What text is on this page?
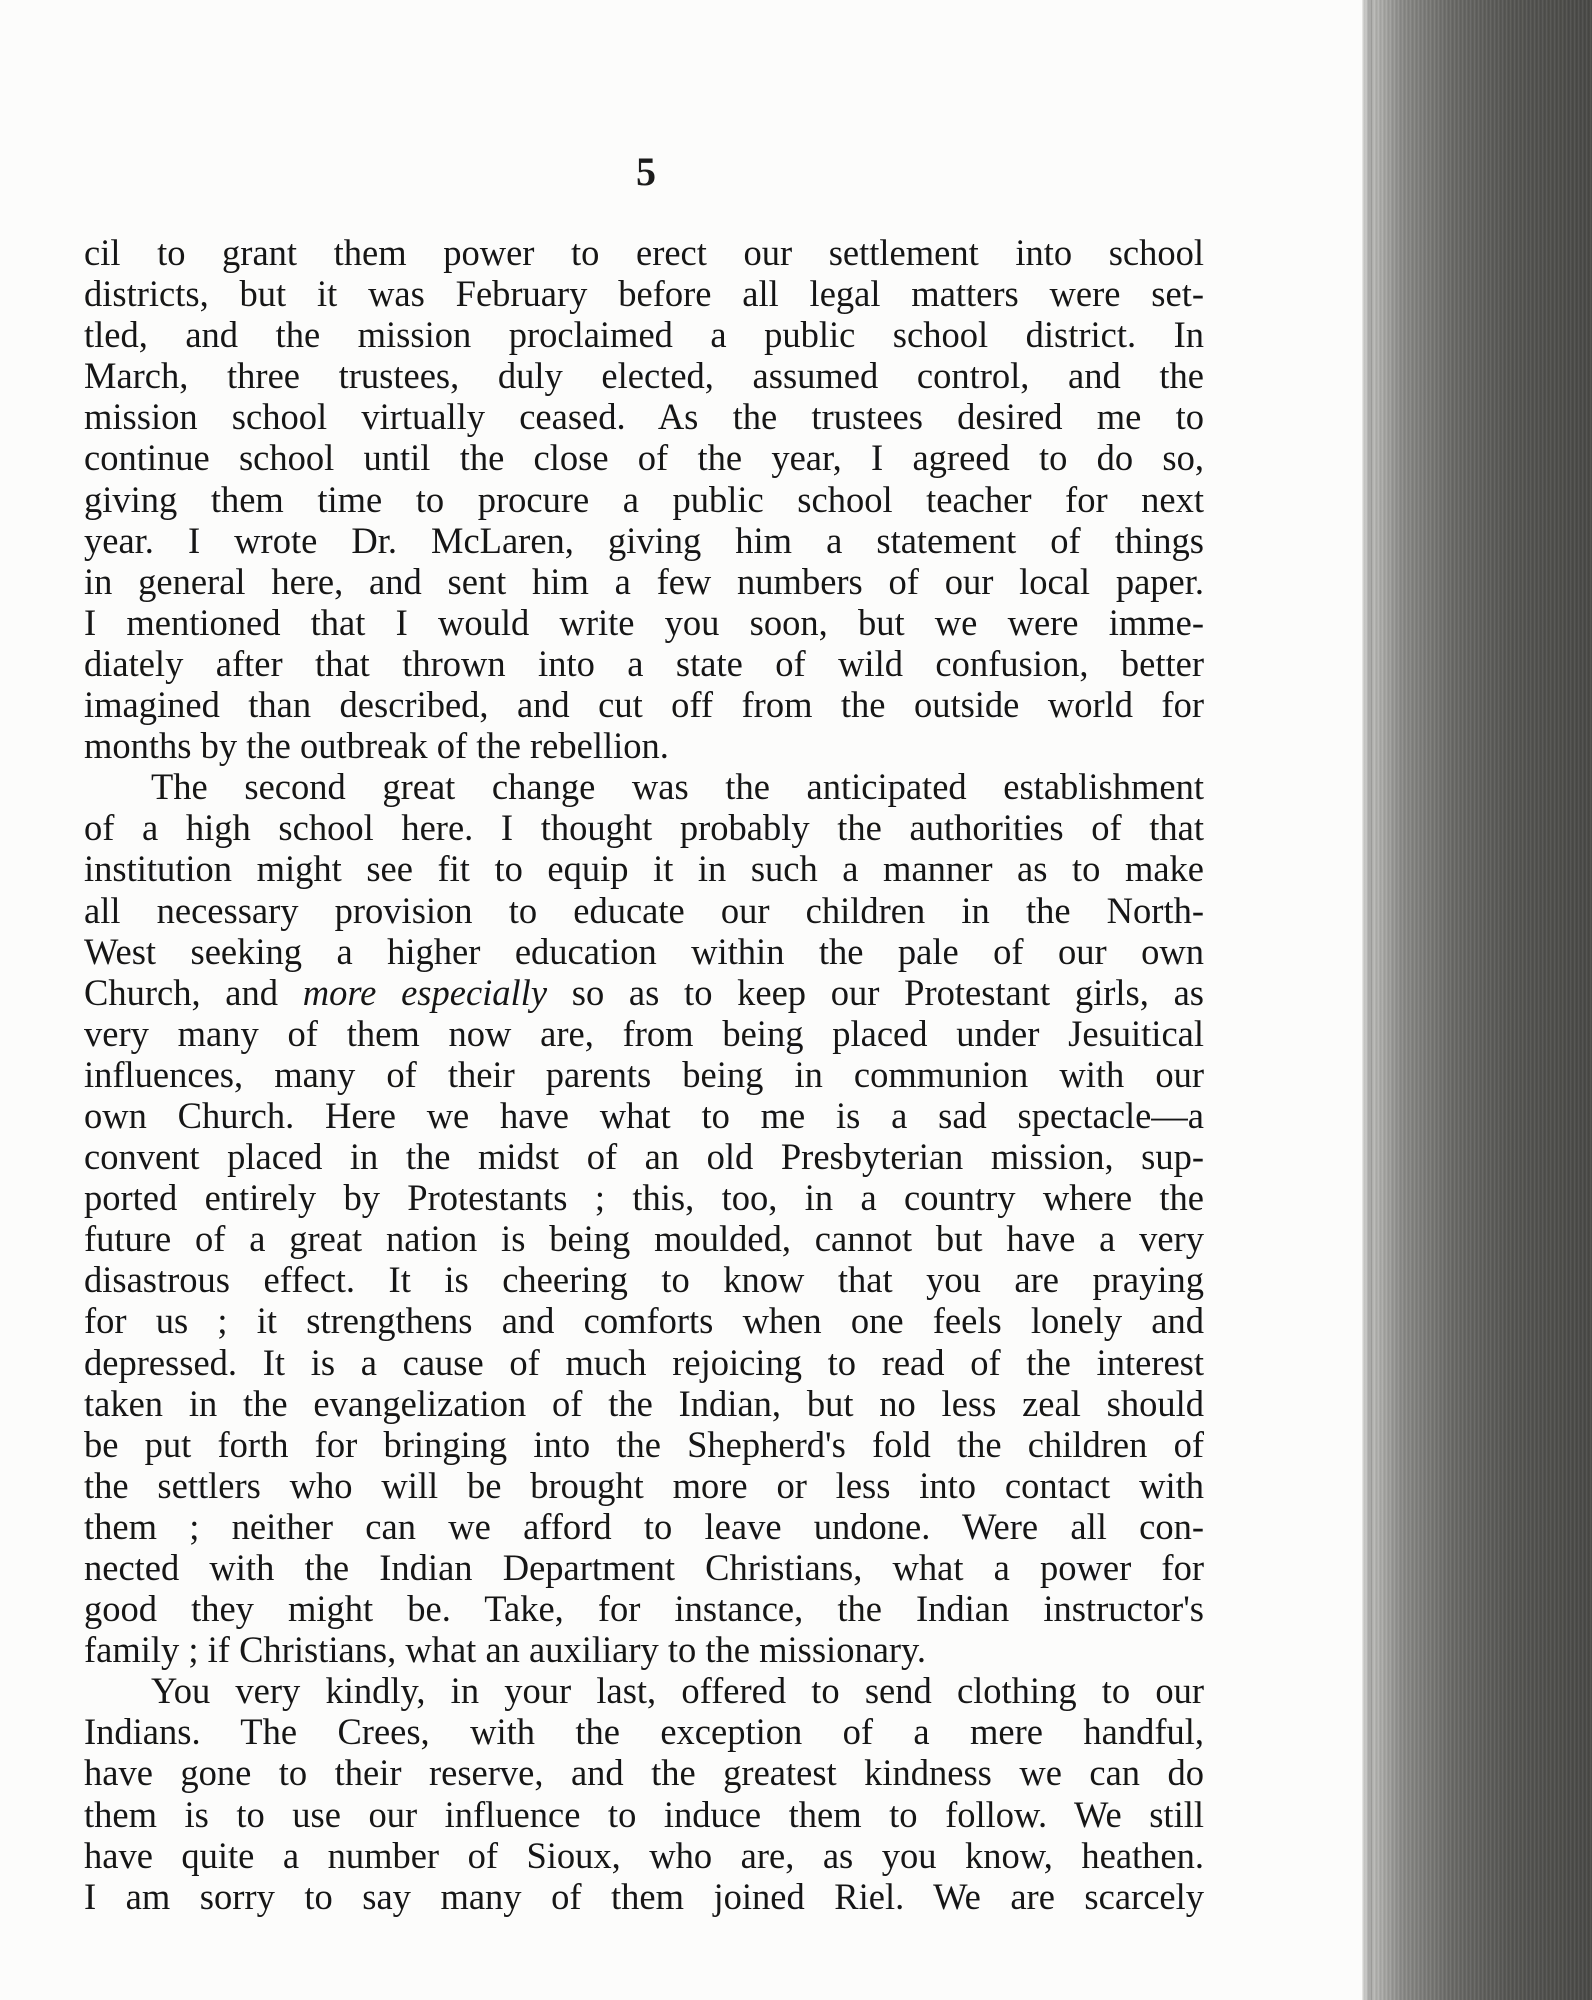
5
cil to grant them power to erect our settlement into school
districts, but it was February before all legal matters were set-
tled, and the mission proclaimed a public school district. In
March, three trustees, duly elected, assumed control, and the
mission school virtually ceased. As the trustees desired me to
continue school until the close of the year, I agreed to do so,
giving them time to procure a public school teacher for next
year. I wrote Dr. McLaren, giving him a statement of things
in general here, and sent him a few numbers of our local paper.
I mentioned that I would write you soon, but we were imme-
diately after that thrown into a state of wild confusion, better
imagined than described, and cut off from the outside world for
months by the outbreak of the rebellion.
The second great change was the anticipated establishment
of a high school here. I thought probably the authorities of that
institution might see fit to equip it in such a manner as to make
all necessary provision to educate our children in the North-
West seeking a higher education within the pale of our own
Church, and more especially so as to keep our Protestant girls, as
very many of them now are, from being placed under Jesuitical
influences, many of their parents being in communion with our
own Church. Here we have what to me is a sad spectacle—a
convent placed in the midst of an old Presbyterian mission, sup-
ported entirely by Protestants ; this, too, in a country where the
future of a great nation is being moulded, cannot but have a very
disastrous effect. It is cheering to know that you are praying
for us ; it strengthens and comforts when one feels lonely and
depressed. It is a cause of much rejoicing to read of the interest
taken in the evangelization of the Indian, but no less zeal should
be put forth for bringing into the Shepherd's fold the children of
the settlers who will be brought more or less into contact with
them ; neither can we afford to leave undone. Were all con-
nected with the Indian Department Christians, what a power for
good they might be. Take, for instance, the Indian instructor's
family ; if Christians, what an auxiliary to the missionary.
You very kindly, in your last, offered to send clothing to our
Indians. The Crees, with the exception of a mere handful,
have gone to their reserve, and the greatest kindness we can do
them is to use our influence to induce them to follow. We still
have quite a number of Sioux, who are, as you know, heathen.
I am sorry to say many of them joined Riel. We are scarcely
